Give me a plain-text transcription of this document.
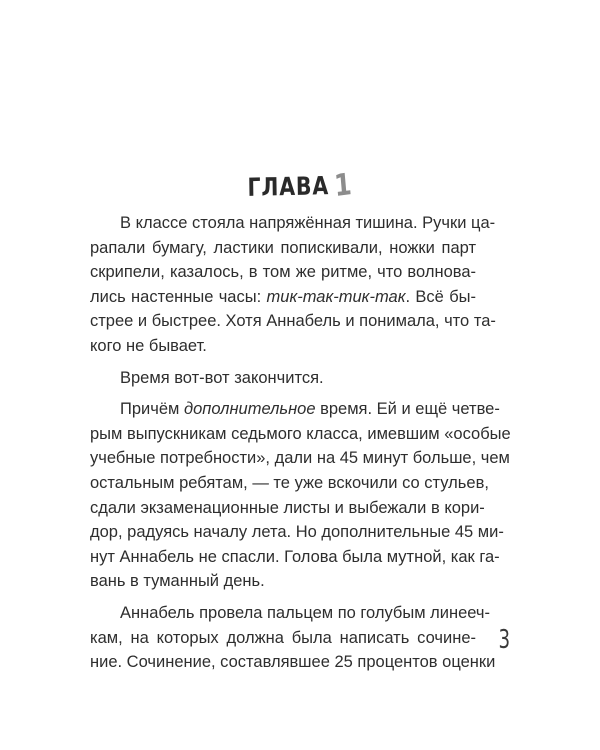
ГЛАВА 1
В классе стояла напряжённая тишина. Ручки ца-
рапали бумагу, ластики попискивали, ножки парт
скрипели, казалось, в том же ритме, что волнова-
лись настенные часы: тик-так-тик-так. Всё бы-
стрее и быстрее. Хотя Аннабель и понимала, что та-
кого не бывает.
Время вот-вот закончится.
Причём дополнительное время. Ей и ещё четве-
рым выпускникам седьмого класса, имевшим «особые
учебные потребности», дали на 45 минут больше, чем
остальным ребятам, — те уже вскочили со стульев,
сдали экзаменационные листы и выбежали в кори-
дор, радуясь началу лета. Но дополнительные 45 ми-
нут Аннабель не спасли. Голова была мутной, как га-
вань в туманный день.
Аннабель провела пальцем по голубым линееч-
кам, на которых должна была написать сочине-
ние. Сочинение, составлявшее 25 процентов оценки
3
